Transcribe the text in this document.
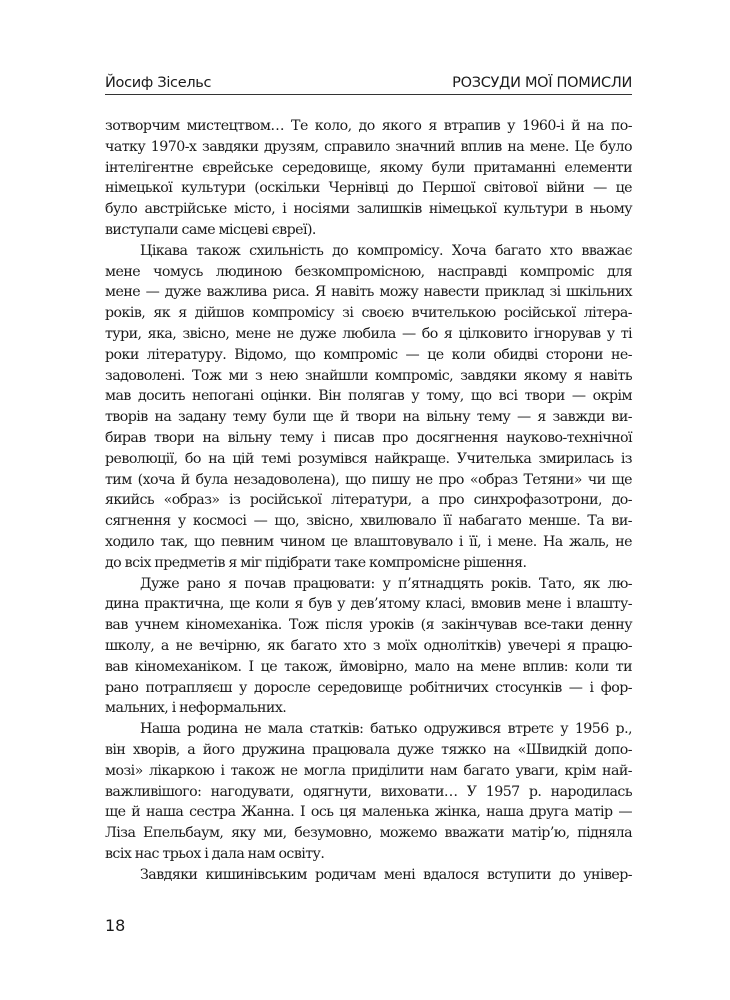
Йосиф Зісельс	РОЗСУДИ МОЇ ПОМИСЛИ
зотворчим мистецтвом… Те коло, до якого я втрапив у 1960-і й на по-
чатку 1970-х завдяки друзям, справило значний вплив на мене. Це було
інтелігентне єврейське середовище, якому були притаманні елементи
німецької культури (оскільки Чернівці до Першої світової війни — це
було австрійське місто, і носіями залишків німецької культури в ньому
виступали саме місцеві євреї).
Цікава також схильність до компромісу. Хоча багато хто вважає
мене чомусь людиною безкомпромісною, насправді компроміс для
мене — дуже важлива риса. Я навіть можу навести приклад зі шкільних
років, як я дійшов компромісу зі своєю вчителькою російської літера-
тури, яка, звісно, мене не дуже любила — бо я цілковито ігнорував у ті
роки літературу. Відомо, що компроміс — це коли обидві сторони не-
задоволені. Тож ми з нею знайшли компроміс, завдяки якому я навіть
мав досить непогані оцінки. Він полягав у тому, що всі твори — окрім
творів на задану тему були ще й твори на вільну тему — я завжди ви-
бирав твори на вільну тему і писав про досягнення науково-технічної
революції, бо на цій темі розумівся найкраще. Учителька змирилась із
тим (хоча й була незадоволена), що пишу не про «образ Тетяни» чи ще
якийсь «образ» із російської літератури, а про синхрофазотрони, до-
сягнення у космосі — що, звісно, хвилювало її набагато менше. Та ви-
ходило так, що певним чином це влаштовувало і її, і мене. На жаль, не
до всіх предметів я міг підібрати таке компромісне рішення.
Дуже рано я почав працювати: у п’ятнадцять років. Тато, як лю-
дина практична, ще коли я був у дев’ятому класі, вмовив мене і влашту-
вав учнем кіномеханіка. Тож після уроків (я закінчував все-таки денну
школу, а не вечірню, як багато хто з моїх однолітків) увечері я працю-
вав кіномеханіком. І це також, ймовірно, мало на мене вплив: коли ти
рано потрапляєш у доросле середовище робітничих стосунків — і фор-
мальних, і неформальних.
Наша родина не мала статків: батько одружився втретє у 1956 р.,
він хворів, а його дружина працювала дуже тяжко на «Швидкій допо-
мозі» лікаркою і також не могла приділити нам багато уваги, крім най-
важливішого: нагодувати, одягнути, виховати… У 1957 р. народилась
ще й наша сестра Жанна. І ось ця маленька жінка, наша друга матір —
Ліза Епельбаум, яку ми, безумовно, можемо вважати матір’ю, підняла
всіх нас трьох і дала нам освіту.
Завдяки кишинівським родичам мені вдалося вступити до універ-
18
